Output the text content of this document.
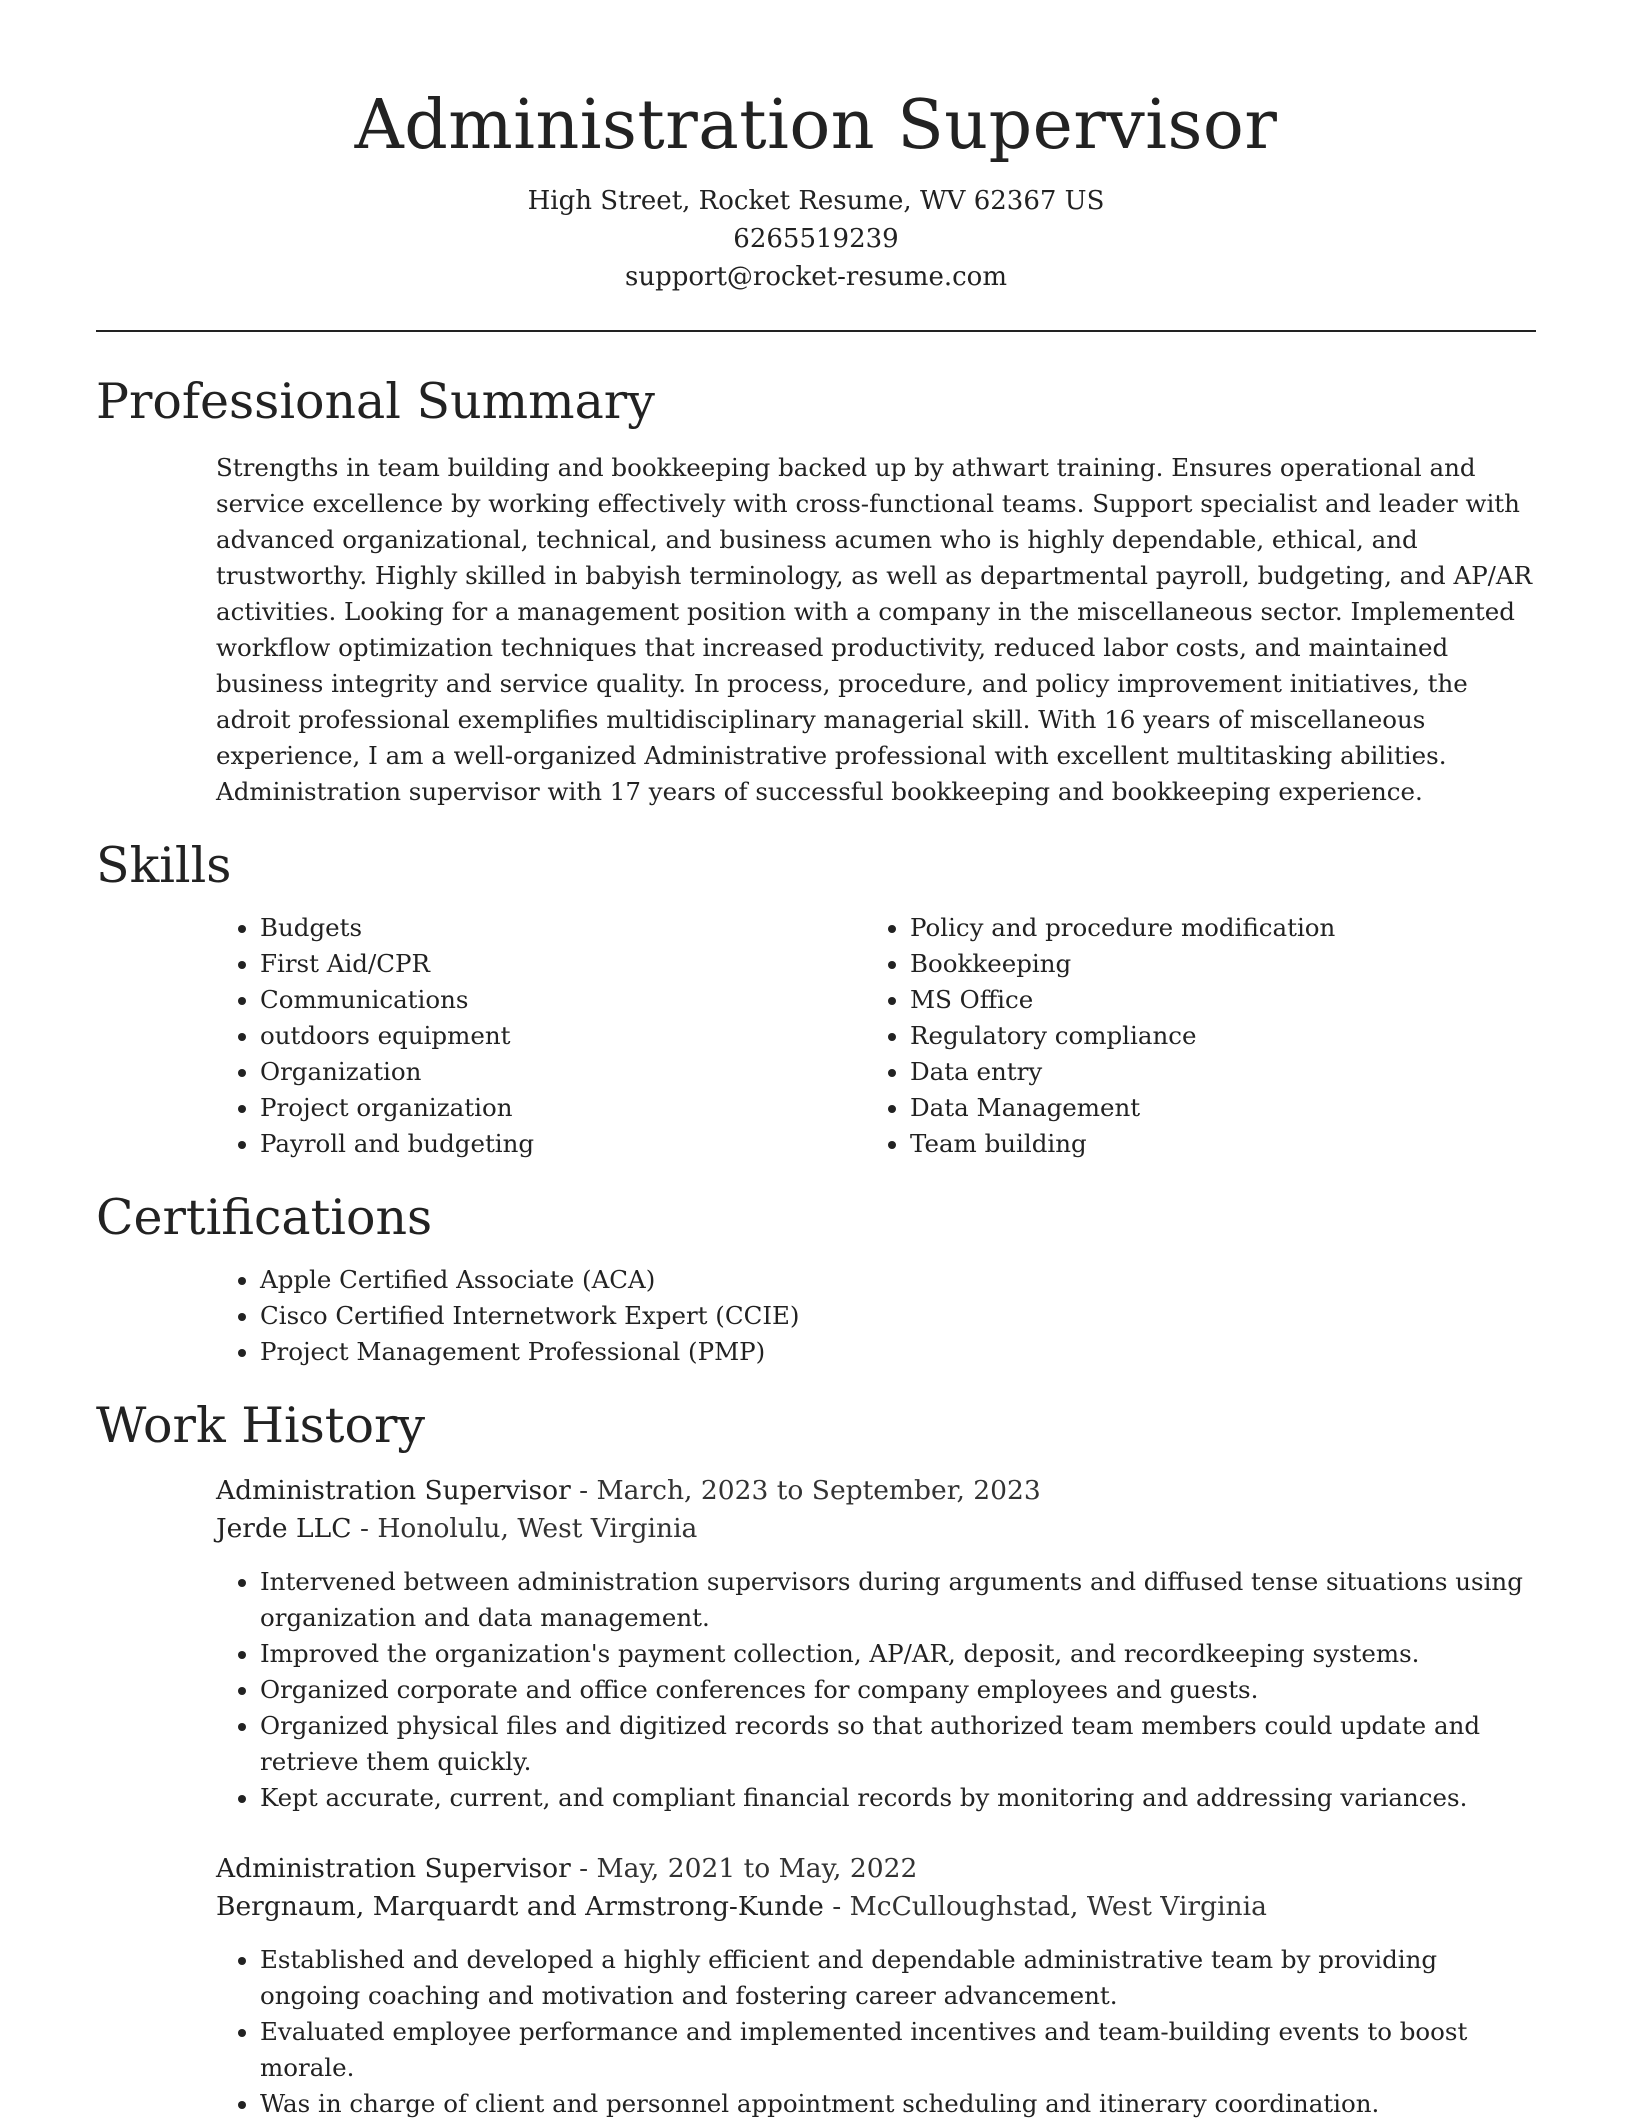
Administration Supervisor

High Street, Rocket Resume, WV 62367 US

6265519239

support@rocket-resume.com

Professional Summary

Strengths in team building and bookkeeping backed up by athwart training. Ensures operational and service excellence by working effectively with cross-functional teams. Support specialist and leader with advanced organizational, technical, and business acumen who is highly dependable, ethical, and trustworthy. Highly skilled in babyish terminology, as well as departmental payroll, budgeting, and AP/AR activities. Looking for a management position with a company in the miscellaneous sector. Implemented workflow optimization techniques that increased productivity, reduced labor costs, and maintained business integrity and service quality. In process, procedure, and policy improvement initiatives, the adroit professional exemplifies multidisciplinary managerial skill. With 16 years of miscellaneous experience, I am a well-organized Administrative professional with excellent multitasking abilities. Administration supervisor with 17 years of successful bookkeeping and bookkeeping experience.

Skills
• Budgets
• First Aid/CPR
• Communications
• outdoors equipment
• Organization
• Project organization
• Payroll and budgeting
• Policy and procedure modification
• Bookkeeping
• MS Office
• Regulatory compliance
• Data entry
• Data Management
• Team building
Certifications
• Apple Certified Associate (ACA)
• Cisco Certified Internetwork Expert (CCIE)
• Project Management Professional (PMP)
Work History

Administration Supervisor - March, 2023 to September, 2023

Jerde LLC - Honolulu, West Virginia

• Intervened between administration supervisors during arguments and diffused tense situations using organization and data management.
• Improved the organization's payment collection, AP/AR, deposit, and recordkeeping systems.
• Organized corporate and office conferences for company employees and guests.
• Organized physical files and digitized records so that authorized team members could update and retrieve them quickly.
• Kept accurate, current, and compliant financial records by monitoring and addressing variances.

Administration Supervisor - May, 2021 to May, 2022

Bergnaum, Marquardt and Armstrong-Kunde - McCulloughstad, West Virginia

• Established and developed a highly efficient and dependable administrative team by providing ongoing coaching and motivation and fostering career advancement.
• Evaluated employee performance and implemented incentives and team-building events to boost morale.
• Was in charge of client and personnel appointment scheduling and itinerary coordination.
